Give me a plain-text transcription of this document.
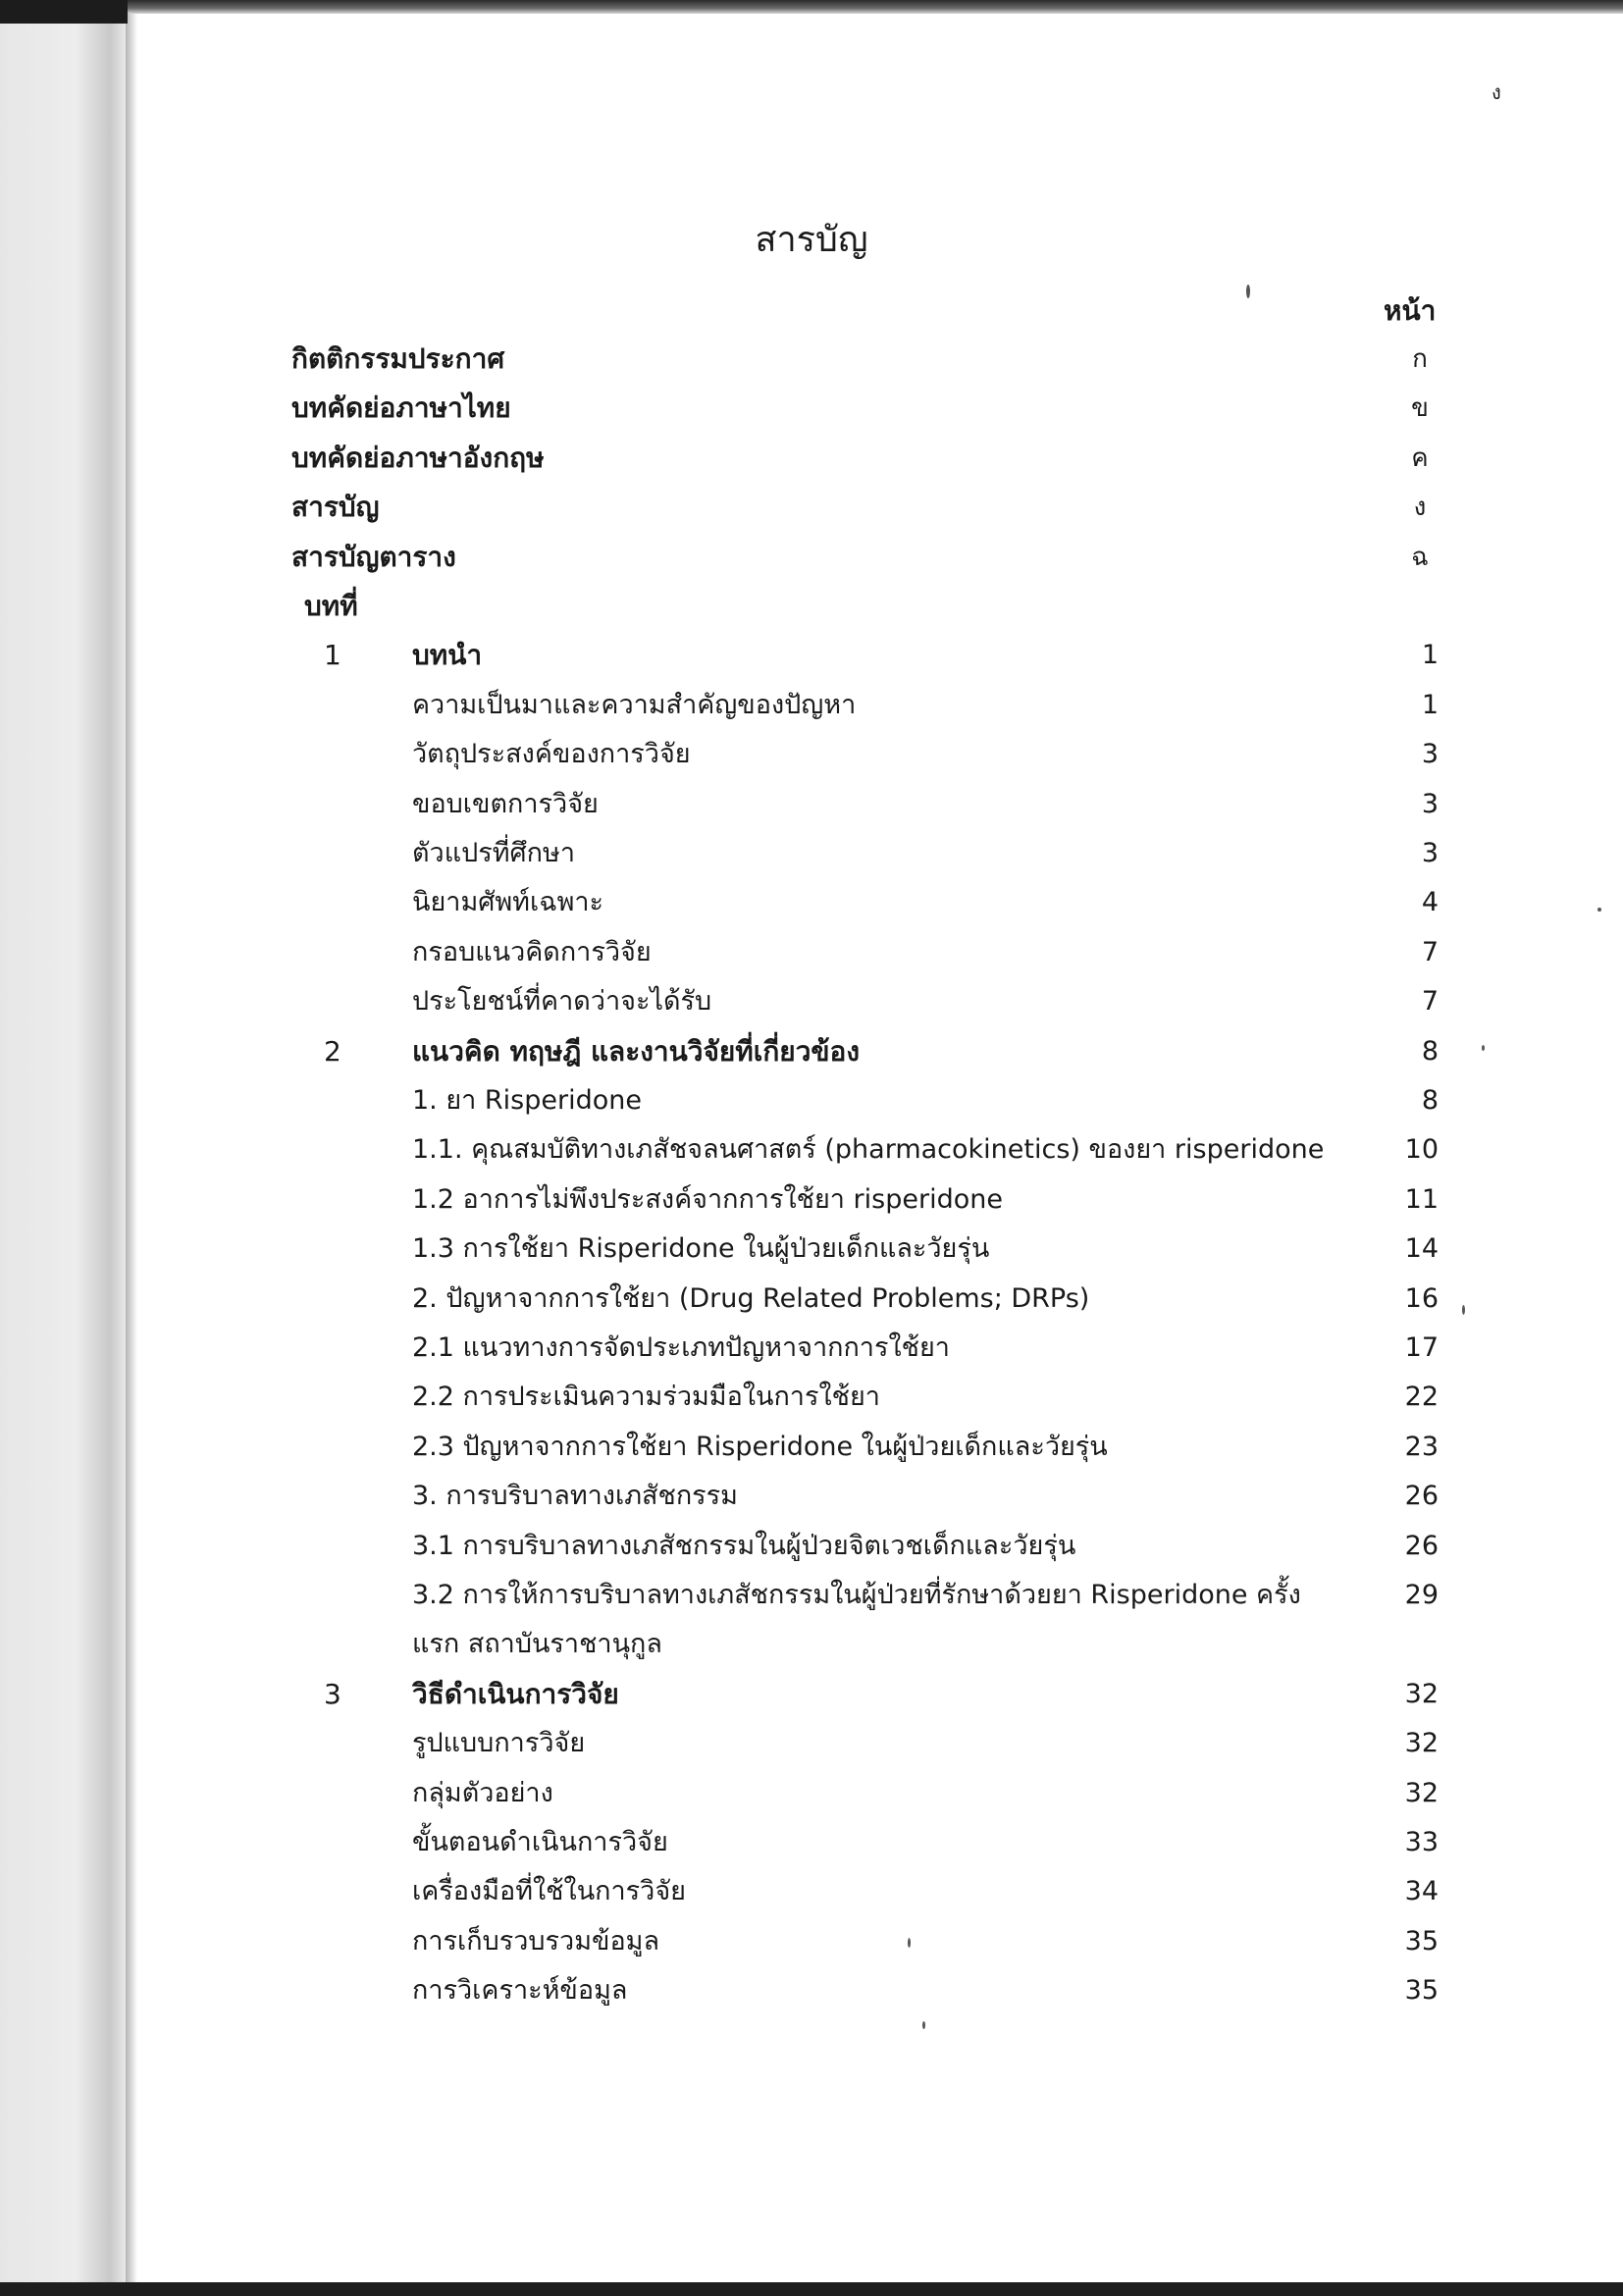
ง
สารบัญ
หน้า
กิตติกรรมประกาศ	ก
บทคัดย่อภาษาไทย	ข
บทคัดย่อภาษาอังกฤษ	ค
สารบัญ	ง
สารบัญตาราง	ฉ
บทที่
1	บทนำ	1
ความเป็นมาและความสำคัญของปัญหา	1
วัตถุประสงค์ของการวิจัย	3
ขอบเขตการวิจัย	3
ตัวแปรที่ศึกษา	3
นิยามศัพท์เฉพาะ	4
กรอบแนวคิดการวิจัย	7
ประโยชน์ที่คาดว่าจะได้รับ	7
2	แนวคิด ทฤษฎี และงานวิจัยที่เกี่ยวข้อง	8
1. ยา Risperidone	8
1.1. คุณสมบัติทางเภสัชจลนศาสตร์ (pharmacokinetics) ของยา risperidone	10
1.2 อาการไม่พึงประสงค์จากการใช้ยา risperidone	11
1.3 การใช้ยา Risperidone ในผู้ป่วยเด็กและวัยรุ่น	14
2. ปัญหาจากการใช้ยา (Drug Related Problems; DRPs)	16
2.1 แนวทางการจัดประเภทปัญหาจากการใช้ยา	17
2.2 การประเมินความร่วมมือในการใช้ยา	22
2.3 ปัญหาจากการใช้ยา Risperidone ในผู้ป่วยเด็กและวัยรุ่น	23
3. การบริบาลทางเภสัชกรรม	26
3.1 การบริบาลทางเภสัชกรรมในผู้ป่วยจิตเวชเด็กและวัยรุ่น	26
3.2 การให้การบริบาลทางเภสัชกรรมในผู้ป่วยที่รักษาด้วยยา Risperidone ครั้ง	29
แรก สถาบันราชานุกูล
3	วิธีดำเนินการวิจัย	32
รูปแบบการวิจัย	32
กลุ่มตัวอย่าง	32
ขั้นตอนดำเนินการวิจัย	33
เครื่องมือที่ใช้ในการวิจัย	34
การเก็บรวบรวมข้อมูล	35
การวิเคราะห์ข้อมูล	35
